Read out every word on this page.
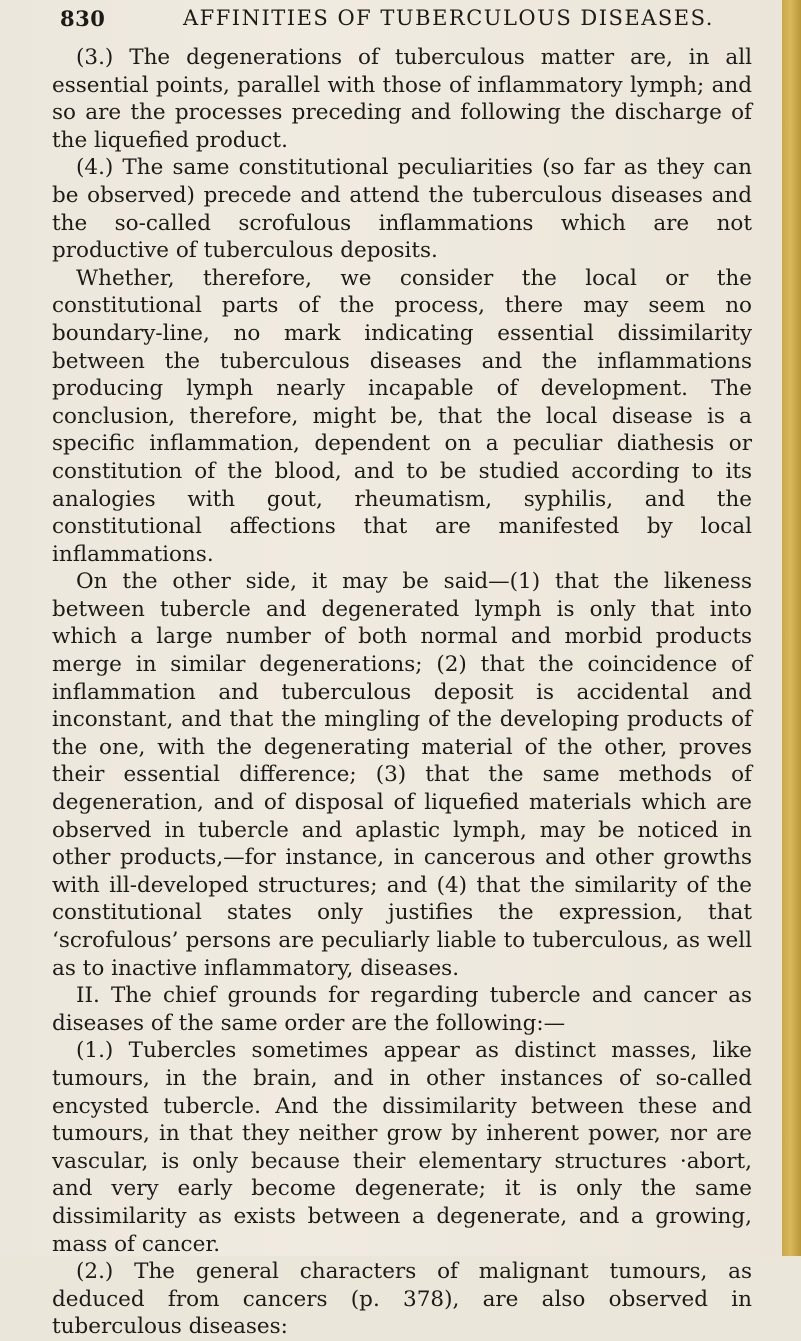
830	AFFINITIES OF TUBERCULOUS DISEASES.

(3.) The degenerations of tuberculous matter are, in all essential points, parallel with those of inflammatory lymph; and so are the processes preceding and following the discharge of the liquefied product.

(4.) The same constitutional peculiarities (so far as they can be observed) precede and attend the tuberculous diseases and the so-called scrofulous inflammations which are not productive of tuberculous deposits.

Whether, therefore, we consider the local or the constitutional parts of the process, there may seem no boundary-line, no mark indicating essential dissimilarity between the tuberculous diseases and the inflammations producing lymph nearly incapable of development. The conclusion, therefore, might be, that the local disease is a specific inflammation, dependent on a peculiar diathesis or constitution of the blood, and to be studied according to its analogies with gout, rheumatism, syphilis, and the constitutional affections that are manifested by local inflammations.

On the other side, it may be said—(1) that the likeness between tubercle and degenerated lymph is only that into which a large number of both normal and morbid products merge in similar degenerations; (2) that the coincidence of inflammation and tuberculous deposit is accidental and inconstant, and that the mingling of the developing products of the one, with the degenerating material of the other, proves their essential difference; (3) that the same methods of degeneration, and of disposal of liquefied materials which are observed in tubercle and aplastic lymph, may be noticed in other products,—for instance, in cancerous and other growths with ill-developed structures; and (4) that the similarity of the constitutional states only justifies the expression, that ‘scrofulous’ persons are peculiarly liable to tuberculous, as well as to inactive inflammatory, diseases.

II. The chief grounds for regarding tubercle and cancer as diseases of the same order are the following:—

(1.) Tubercles sometimes appear as distinct masses, like tumours, in the brain, and in other instances of so-called encysted tubercle. And the dissimilarity between these and tumours, in that they neither grow by inherent power, nor are vascular, is only because their elementary structures ·abort, and very early become degenerate; it is only the same dissimilarity as exists between a degenerate, and a growing, mass of cancer.

(2.) The general characters of malignant tumours, as deduced from cancers (p. 378), are also observed in tuberculous diseases:
